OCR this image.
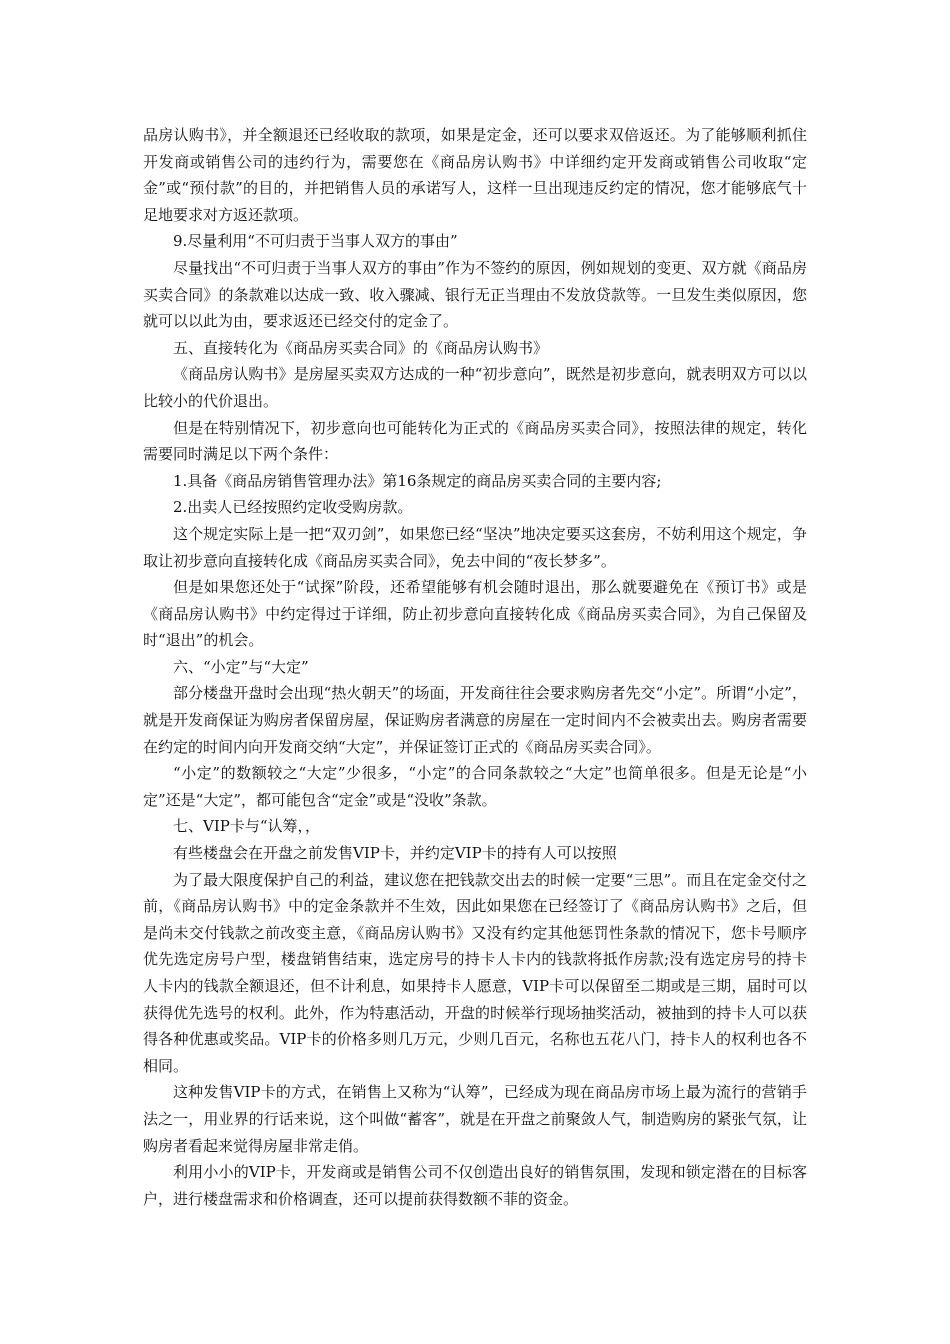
品房认购书》，并全额退还已经收取的款项，如果是定金，还可以要求双倍返还。为了能够顺利抓住开发商或销售公司的违约行为，需要您在《商品房认购书》中详细约定开发商或销售公司收取“定金”或“预付款”的目的，并把销售人员的承诺写人，这样一旦出现违反约定的情况，您才能够底气十足地要求对方返还款项。

9.尽量利用“不可归责于当事人双方的事由”

尽量找出“不可归责于当事人双方的事由”作为不签约的原因，例如规划的变更、双方就《商品房买卖合同》的条款难以达成一致、收入骤减、银行无正当理由不发放贷款等。一旦发生类似原因，您就可以以此为由，要求返还已经交付的定金了。

五、直接转化为《商品房买卖合同》的《商品房认购书》

《商品房认购书》是房屋买卖双方达成的一种“初步意向”，既然是初步意向，就表明双方可以以比较小的代价退出。

但是在特别情况下，初步意向也可能转化为正式的《商品房买卖合同》，按照法律的规定，转化需要同时满足以下两个条件：

1.具备《商品房销售管理办法》第16条规定的商品房买卖合同的主要内容;

2.出卖人已经按照约定收受购房款。

这个规定实际上是一把“双刃剑”，如果您已经“坚决”地决定要买这套房，不妨利用这个规定，争取让初步意向直接转化成《商品房买卖合同》，免去中间的“夜长梦多”。

但是如果您还处于“试探”阶段，还希望能够有机会随时退出，那么就要避免在《预订书》或是《商品房认购书》中约定得过于详细，防止初步意向直接转化成《商品房买卖合同》，为自己保留及时“退出”的机会。

六、“小定”与“大定”

部分楼盘开盘时会出现“热火朝天”的场面，开发商往往会要求购房者先交“小定”。所谓“小定”，就是开发商保证为购房者保留房屋，保证购房者满意的房屋在一定时间内不会被卖出去。购房者需要在约定的时间内向开发商交纳“大定”，并保证签订正式的《商品房买卖合同》。

“小定”的数额较之“大定”少很多，“小定”的合同条款较之“大定”也简单很多。但是无论是“小定”还是“大定”，都可能包含“定金”或是“没收”条款。

七、VIP卡与“认筹，，

有些楼盘会在开盘之前发售VIP卡，并约定VIP卡的持有人可以按照

为了最大限度保护自己的利益，建议您在把钱款交出去的时候一定要“三思”。而且在定金交付之前，《商品房认购书》中的定金条款并不生效，因此如果您在已经签订了《商品房认购书》之后，但是尚未交付钱款之前改变主意，《商品房认购书》又没有约定其他惩罚性条款的情况下，您卡号顺序优先选定房号户型，楼盘销售结束，选定房号的持卡人卡内的钱款将抵作房款;没有选定房号的持卡人卡内的钱款全额退还，但不计利息，如果持卡人愿意，VIP卡可以保留至二期或是三期，届时可以获得优先选号的权利。此外，作为特惠活动，开盘的时候举行现场抽奖活动，被抽到的持卡人可以获得各种优惠或奖品。VIP卡的价格多则几万元，少则几百元，名称也五花八门，持卡人的权利也各不相同。

这种发售VIP卡的方式，在销售上又称为“认筹”，已经成为现在商品房市场上最为流行的营销手法之一，用业界的行话来说，这个叫做“蓄客”，就是在开盘之前聚敛人气，制造购房的紧张气氛，让购房者看起来觉得房屋非常走俏。

利用小小的VIP卡，开发商或是销售公司不仅创造出良好的销售氛围，发现和锁定潜在的目标客户，进行楼盘需求和价格调查，还可以提前获得数额不菲的资金。
